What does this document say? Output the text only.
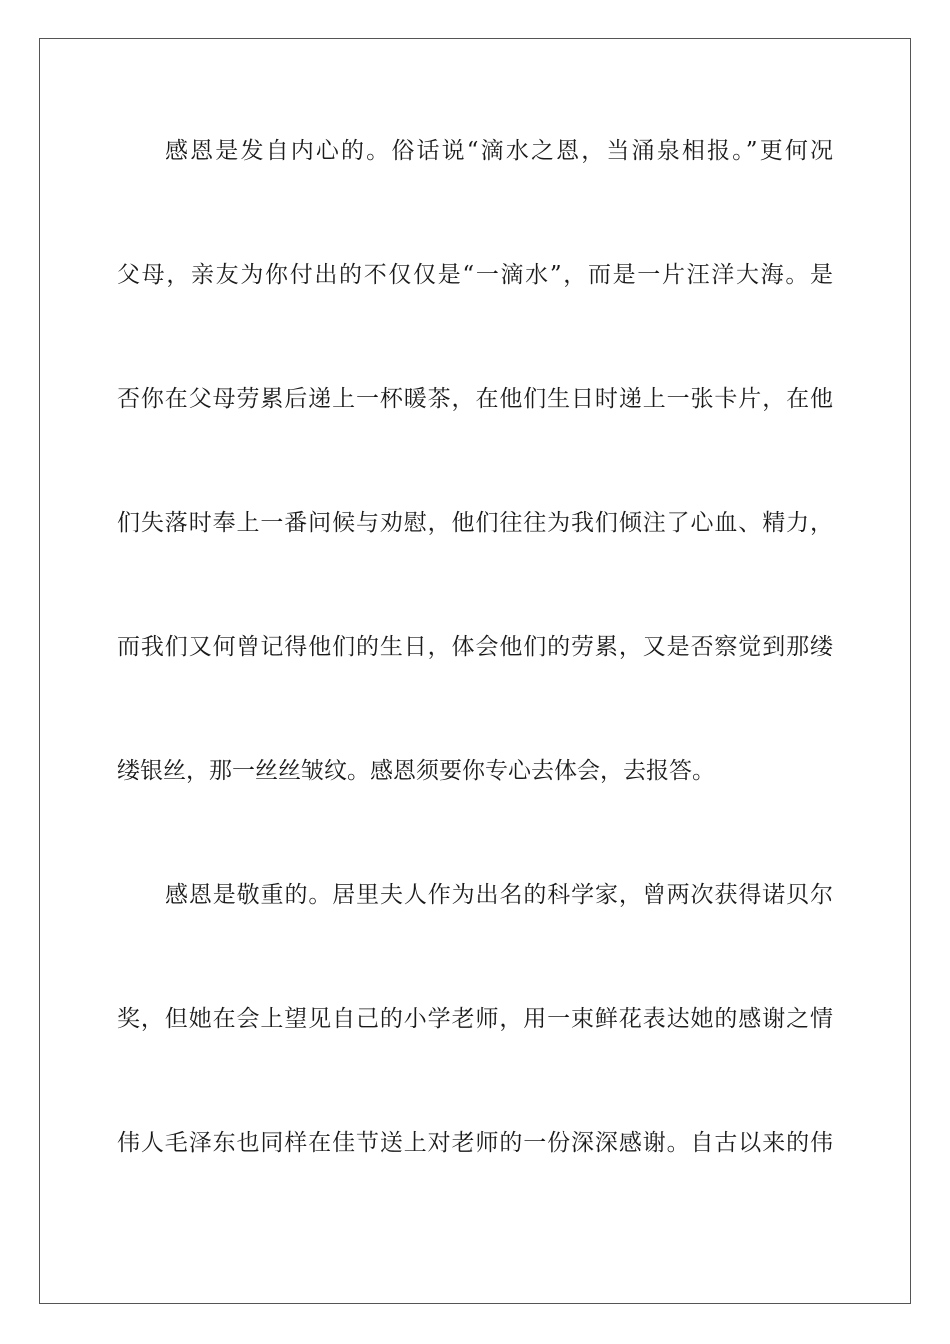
感恩是发自内心的。俗话说“滴水之恩，当涌泉相报。”更何况
父母，亲友为你付出的不仅仅是“一滴水”，而是一片汪洋大海。是
否你在父母劳累后递上一杯暖茶，在他们生日时递上一张卡片，在他
们失落时奉上一番问候与劝慰，他们往往为我们倾注了心血、精力，
而我们又何曾记得他们的生日，体会他们的劳累，又是否察觉到那缕
缕银丝，那一丝丝皱纹。感恩须要你专心去体会，去报答。
感恩是敬重的。居里夫人作为出名的科学家，曾两次获得诺贝尔
奖，但她在会上望见自己的小学老师，用一束鲜花表达她的感谢之情
伟人毛泽东也同样在佳节送上对老师的一份深深感谢。自古以来的伟
